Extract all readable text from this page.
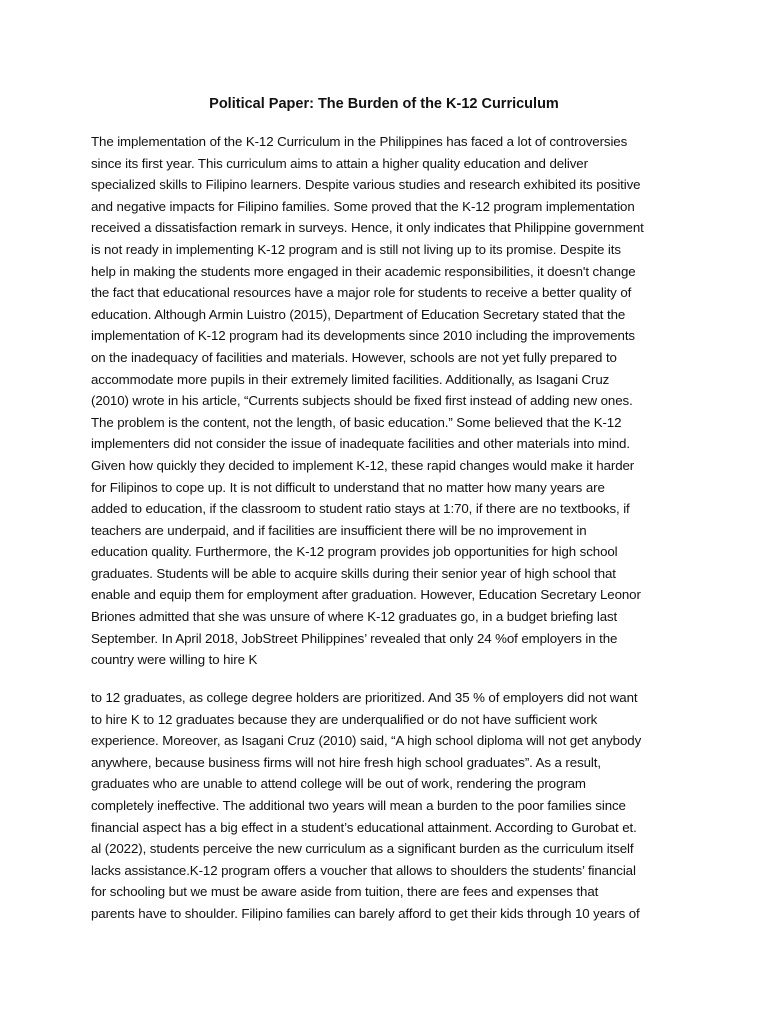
Political Paper: The Burden of the K-12 Curriculum
The implementation of the K-12 Curriculum in the Philippines has faced a lot of controversies
since its first year. This curriculum aims to attain a higher quality education and deliver
specialized skills to Filipino learners. Despite various studies and research exhibited its positive
and negative impacts for Filipino families. Some proved that the K-12 program implementation
received a dissatisfaction remark in surveys. Hence, it only indicates that Philippine government
is not ready in implementing K-12 program and is still not living up to its promise. Despite its
help in making the students more engaged in their academic responsibilities, it doesn't change
the fact that educational resources have a major role for students to receive a better quality of
education. Although Armin Luistro (2015), Department of Education Secretary stated that the
implementation of K-12 program had its developments since 2010 including the improvements
on the inadequacy of facilities and materials. However, schools are not yet fully prepared to
accommodate more pupils in their extremely limited facilities. Additionally, as Isagani Cruz
(2010) wrote in his article, “Currents subjects should be fixed first instead of adding new ones.
The problem is the content, not the length, of basic education.” Some believed that the K-12
implementers did not consider the issue of inadequate facilities and other materials into mind.
Given how quickly they decided to implement K-12, these rapid changes would make it harder
for Filipinos to cope up. It is not difficult to understand that no matter how many years are
added to education, if the classroom to student ratio stays at 1:70, if there are no textbooks, if
teachers are underpaid, and if facilities are insufficient there will be no improvement in
education quality. Furthermore, the K-12 program provides job opportunities for high school
graduates. Students will be able to acquire skills during their senior year of high school that
enable and equip them for employment after graduation. However, Education Secretary Leonor
Briones admitted that she was unsure of where K-12 graduates go, in a budget briefing last
September. In April 2018, JobStreet Philippines’ revealed that only 24 %of employers in the
country were willing to hire K
to 12 graduates, as college degree holders are prioritized. And 35 % of employers did not want
to hire K to 12 graduates because they are underqualified or do not have sufficient work
experience. Moreover, as Isagani Cruz (2010) said, “A high school diploma will not get anybody
anywhere, because business firms will not hire fresh high school graduates”. As a result,
graduates who are unable to attend college will be out of work, rendering the program
completely ineffective. The additional two years will mean a burden to the poor families since
financial aspect has a big effect in a student’s educational attainment. According to Gurobat et.
al (2022), students perceive the new curriculum as a significant burden as the curriculum itself
lacks assistance.K-12 program offers a voucher that allows to shoulders the students’ financial
for schooling but we must be aware aside from tuition, there are fees and expenses that
parents have to shoulder. Filipino families can barely afford to get their kids through 10 years of
